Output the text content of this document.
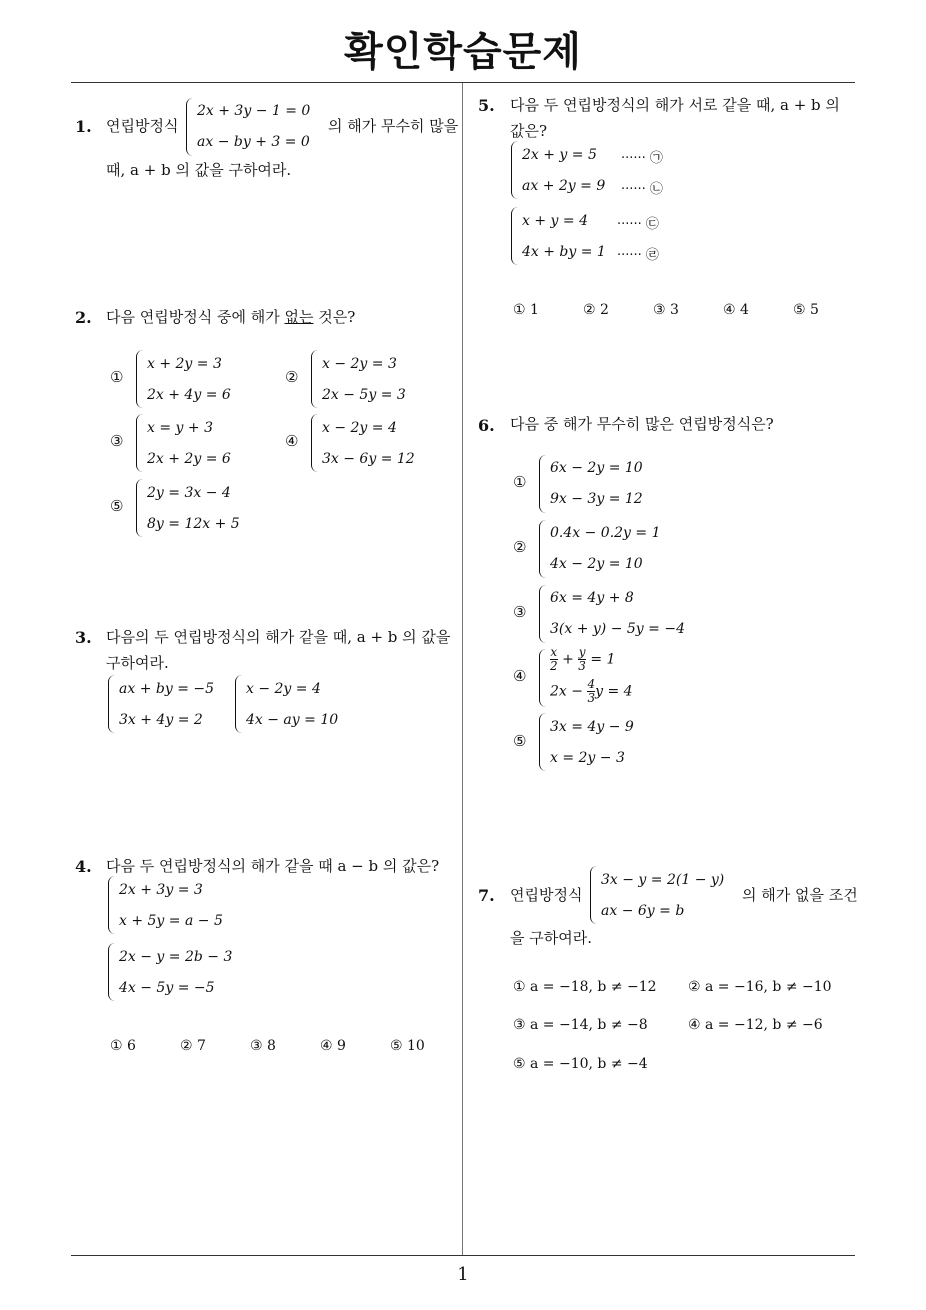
확인학습문제
1
1. 연립방정식
2x + 3y − 1 = 0
ax − by + 3 = 0
의 해가 무수히 많을
때, a + b 의 값을 구하여라.
2. 다음 연립방정식 중에 해가 없는 것은?
①
x + 2y = 3
2x + 4y = 6
②
x − 2y = 3
2x − 5y = 3
③
x = y + 3
2x + 2y = 6
④
x − 2y = 4
3x − 6y = 12
⑤
2y = 3x − 4
8y = 12x + 5
3. 다음의 두 연립방정식의 해가 같을 때, a + b 의 값을
구하여라.
ax + by = −5
3x + 4y = 2
x − 2y = 4
4x − ay = 10
4. 다음 두 연립방정식의 해가 같을 때 a − b 의 값은?
2x + 3y = 3
x + 5y = a − 5
2x − y = 2b − 3
4x − 5y = −5
① 6	② 7	③ 8	④ 9	⑤ 10
5. 다음 두 연립방정식의 해가 서로 같을 때, a + b 의
값은?
2x + y = 5 ······ ㉠
ax + 2y = 9 ······ ㉡
x + y = 4 ······ ㉢
4x + by = 1 ······ ㉣
① 1	② 2	③ 3	④ 4	⑤ 5
6. 다음 중 해가 무수히 많은 연립방정식은?
①
6x − 2y = 10
9x − 3y = 12
②
0.4x − 0.2y = 1
4x − 2y = 10
③
6x = 4y + 8
3(x + y) − 5y = −4
④
$\frac{x}{2} + \frac{y}{3} = 1$
$2x - \frac{4}{3}$ y = 4
⑤
3x = 4y − 9
x = 2y − 3
7. 연립방정식
3x − y = 2(1 − y)
ax − 6y = b
의 해가 없을 조건
을 구하여라.
① a = −18, b ≠ −12 ② a = −16, b ≠ −10
③ a = −14, b ≠ −8	④ a = −12, b ≠ −6
⑤ a = −10, b ≠ −4
